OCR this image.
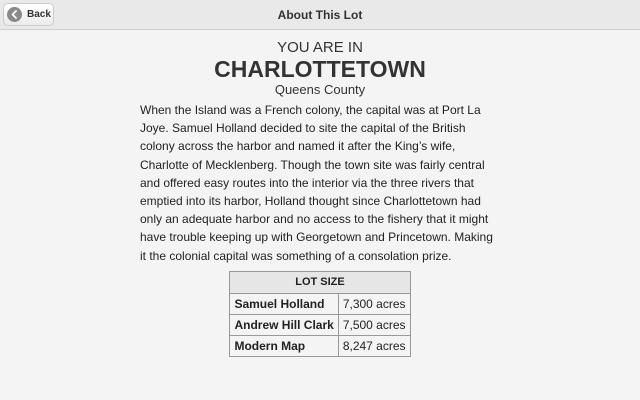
About This Lot
Back
YOU ARE IN
CHARLOTTETOWN
Queens County
When the Island was a French colony, the capital was at Port La Joye. Samuel Holland decided to site the capital of the British colony across the harbor and named it after the King’s wife, Charlotte of Mecklenberg. Though the town site was fairly central and offered easy routes into the interior via the three rivers that emptied into its harbor, Holland thought since Charlottetown had only an adequate harbor and no access to the fishery that it might have trouble keeping up with Georgetown and Princetown. Making it the colonial capital was something of a consolation prize.
LOT SIZE	
Samuel Holland	7,300 acres
Andrew Hill Clark	7,500 acres
Modern Map	8,247 acres
